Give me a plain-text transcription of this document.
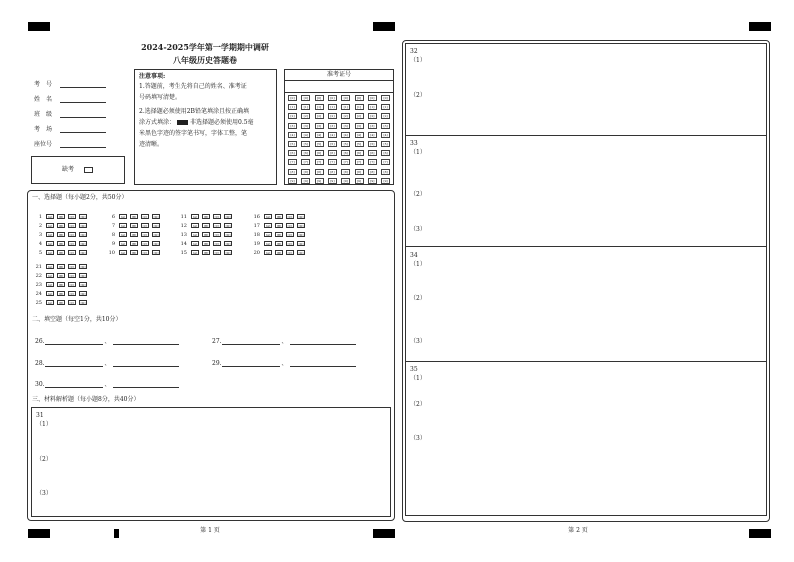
2024-2025学年第一学期期中调研
八年级历史答题卷
考　号
姓　名
班　级
考　场
座位号
缺考
注意事项:
1.答题前，考生先将自己的姓名、准考证
号码填写清楚。
2.选择题必须使用2B铅笔填涂且按正确填
涂方式填涂：	非选择题必须使用0.5毫
米黑色字迹的签字笔书写，字体工整，笔
迹清晰。
准考证号
[0]	[0]	[0]	[0]	[0]	[0]	[0]	[0]
[1]	[1]	[1]	[1]	[1]	[1]	[1]	[1]
[2]	[2]	[2]	[2]	[2]	[2]	[2]	[2]
[3]	[3]	[3]	[3]	[3]	[3]	[3]	[3]
[4]	[4]	[4]	[4]	[4]	[4]	[4]	[4]
[5]	[5]	[5]	[5]	[5]	[5]	[5]	[5]
[6]	[6]	[6]	[6]	[6]	[6]	[6]	[6]
[7]	[7]	[7]	[7]	[7]	[7]	[7]	[7]
[8]	[8]	[8]	[8]	[8]	[8]	[8]	[8]
[9]	[9]	[9]	[9]	[9]	[9]	[9]	[9]
一、选择题（每小题2分，共50分）
1	[A]	[B]	[C]	[D]
2	[A]	[B]	[C]	[D]
3	[A]	[B]	[C]	[D]
4	[A]	[B]	[C]	[D]
5	[A]	[B]	[C]	[D]
6	[A]	[B]	[C]	[D]
7	[A]	[B]	[C]	[D]
8	[A]	[B]	[C]	[D]
9	[A]	[B]	[C]	[D]
10	[A]	[B]	[C]	[D]
11	[A]	[B]	[C]	[D]
12	[A]	[B]	[C]	[D]
13	[A]	[B]	[C]	[D]
14	[A]	[B]	[C]	[D]
15	[A]	[B]	[C]	[D]
16	[A]	[B]	[C]	[D]
17	[A]	[B]	[C]	[D]
18	[A]	[B]	[C]	[D]
19	[A]	[B]	[C]	[D]
20	[A]	[B]	[C]	[D]
21	[A]	[B]	[C]	[D]
22	[A]	[B]	[C]	[D]
23	[A]	[B]	[C]	[D]
24	[A]	[B]	[C]	[D]
25	[A]	[B]	[C]	[D]
二、填空题（每空1分，共10分）
26.	、	27.	、
28.	、	29.	、
30.	、
三、材料解析题（每小题8分，共40分）
31
（1）
（2）
（3）
32
（1）
（2）
33
（1）
（2）
（3）
34
（1）
（2）
（3）
35
（1）
（2）
（3）
第 1 页	第 2 页
